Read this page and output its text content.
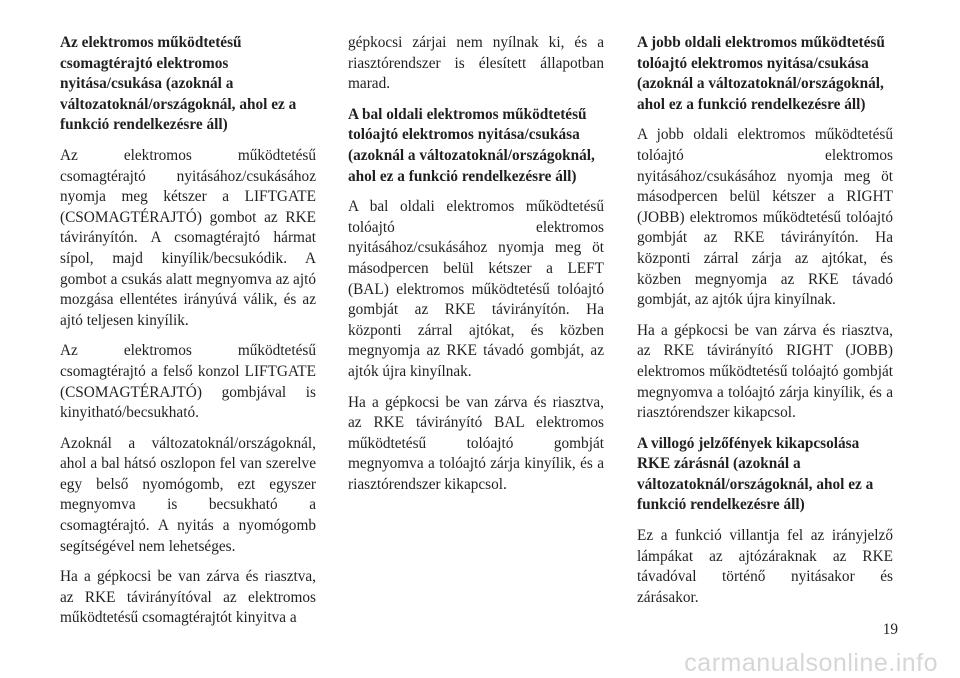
Az elektromos működtetésű csomagtérajtó elektromos nyitása/csukása (azoknál a változatoknál/országoknál, ahol ez a funkció rendelkezésre áll)
Az elektromos működtetésű csomagtérajtó nyitásához/csukásához nyomja meg kétszer a LIFTGATE (CSOMAGTÉRAJTÓ) gombot az RKE távirányítón. A csomagtérajtó hármat sípol, majd kinyílik/becsukódik. A gombot a csukás alatt megnyomva az ajtó mozgása ellentétes irányúvá válik, és az ajtó teljesen kinyílik.
Az elektromos működtetésű csomagtérajtó a felső konzol LIFTGATE (CSOMAGTÉRAJTÓ) gombjával is kinyitható/becsukható.
Azoknál a változatoknál/országoknál, ahol a bal hátsó oszlopon fel van szerelve egy belső nyomógomb, ezt egyszer megnyomva is becsukható a csomagtérajtó. A nyitás a nyomógomb segítségével nem lehetséges.
Ha a gépkocsi be van zárva és riasztva, az RKE távirányítóval az elektromos működtetésű csomagtérajtót kinyitva a
gépkocsi zárjai nem nyílnak ki, és a riasztórendszer is élesített állapotban marad.
A bal oldali elektromos működtetésű tolóajtó elektromos nyitása/csukása (azoknál a változatoknál/országoknál, ahol ez a funkció rendelkezésre áll)
A bal oldali elektromos működtetésű tolóajtó elektromos nyitásához/csukásához nyomja meg öt másodpercen belül kétszer a LEFT (BAL) elektromos működtetésű tolóajtó gombját az RKE távirányítón. Ha központi zárral ajtókat, és közben megnyomja az RKE távadó gombját, az ajtók újra kinyílnak.
Ha a gépkocsi be van zárva és riasztva, az RKE távirányító BAL elektromos működtetésű tolóajtó gombját megnyomva a tolóajtó zárja kinyílik, és a riasztórendszer kikapcsol.
A jobb oldali elektromos működtetésű tolóajtó elektromos nyitása/csukása (azoknál a változatoknál/országoknál, ahol ez a funkció rendelkezésre áll)
A jobb oldali elektromos működtetésű tolóajtó elektromos nyitásához/csukásához nyomja meg öt másodpercen belül kétszer a RIGHT (JOBB) elektromos működtetésű tolóajtó gombját az RKE távirányítón. Ha központi zárral zárja az ajtókat, és közben megnyomja az RKE távadó gombját, az ajtók újra kinyílnak.
Ha a gépkocsi be van zárva és riasztva, az RKE távirányító RIGHT (JOBB) elektromos működtetésű tolóajtó gombját megnyomva a tolóajtó zárja kinyílik, és a riasztórendszer kikapcsol.
A villogó jelzőfények kikapcsolása RKE zárásnál (azoknál a változatoknál/országoknál, ahol ez a funkció rendelkezésre áll)
Ez a funkció villantja fel az irányjelző lámpákat az ajtózáraknak az RKE távadóval történő nyitásakor és zárásakor.
19
carmanualsonline.info
